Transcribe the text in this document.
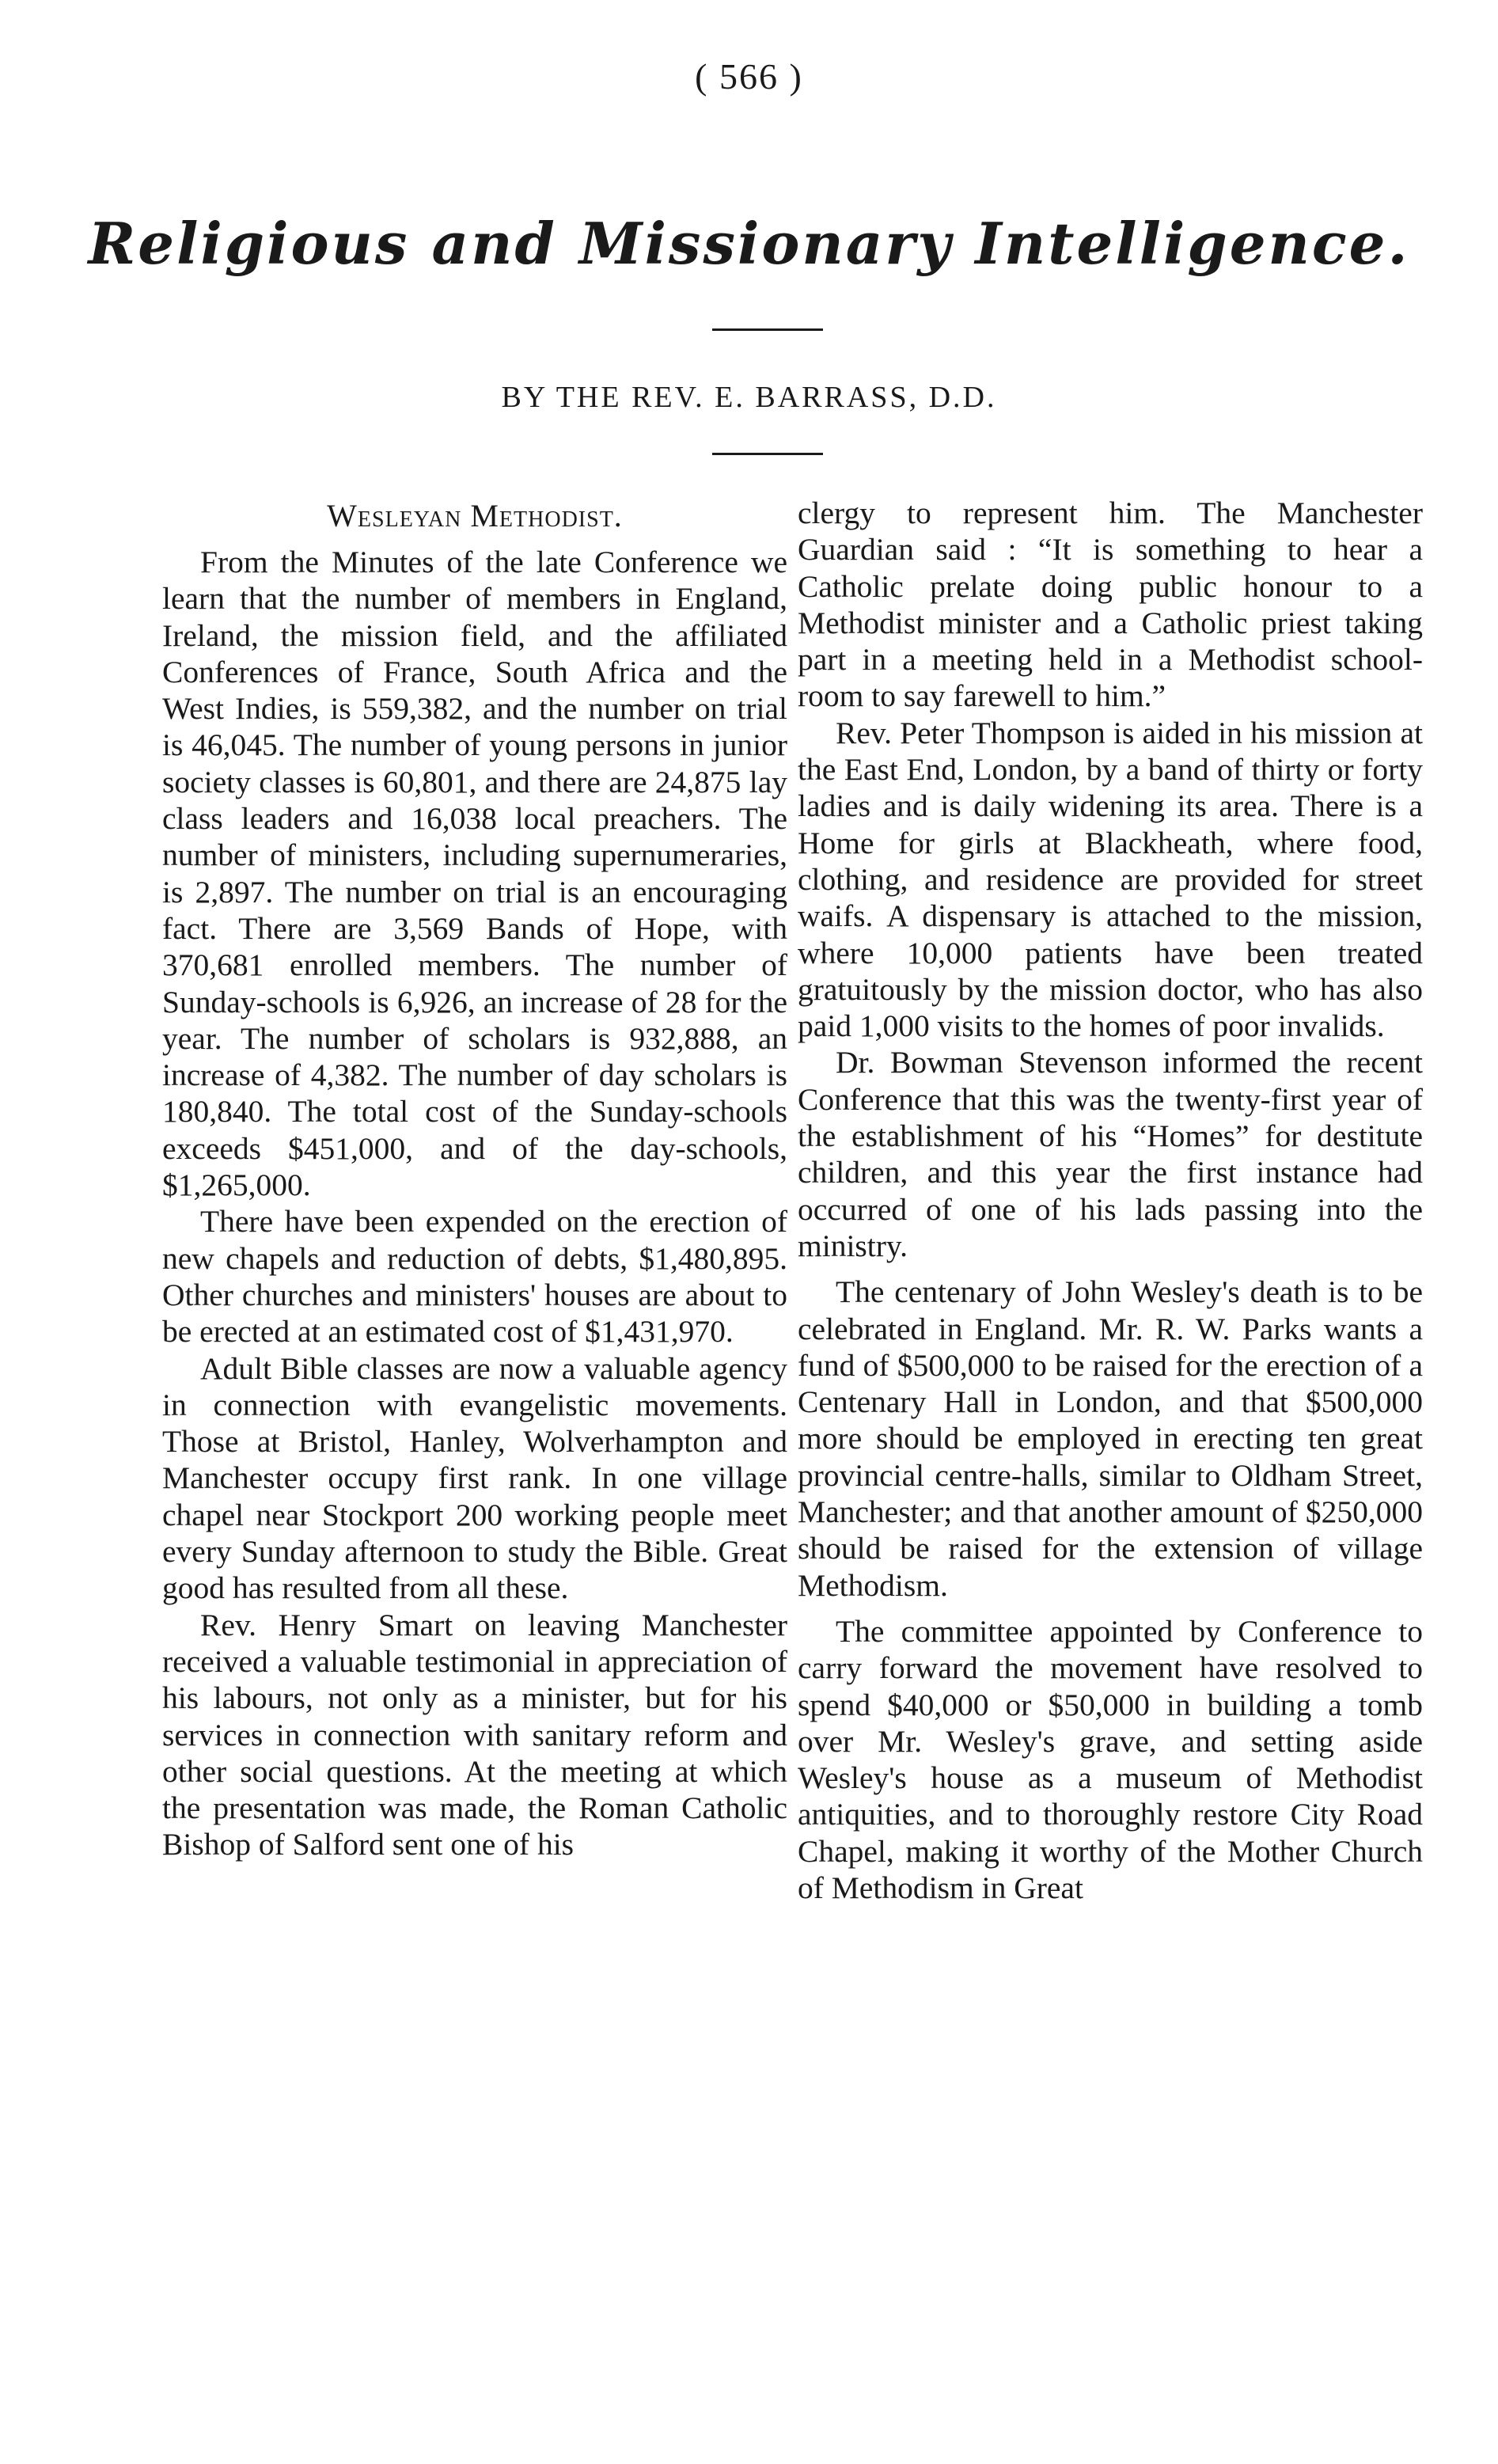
( 566 )
Religious and Missionary Intelligence.
BY THE REV. E. BARRASS, D.D.
Wesleyan Methodist.

From the Minutes of the late Conference we learn that the number of members in England, Ireland, the mission field, and the affiliated Conferences of France, South Africa and the West Indies, is 559,382, and the number on trial is 46,045. The number of young persons in junior society classes is 60,801, and there are 24,875 lay class leaders and 16,038 local preachers. The number of ministers, including supernumeraries, is 2,897. The number on trial is an encouraging fact. There are 3,569 Bands of Hope, with 370,681 enrolled members. The number of Sunday-schools is 6,926, an increase of 28 for the year. The number of scholars is 932,888, an increase of 4,382. The number of day scholars is 180,840. The total cost of the Sunday-schools exceeds $451,000, and of the day-schools, $1,265,000.

There have been expended on the erection of new chapels and reduction of debts, $1,480,895. Other churches and ministers' houses are about to be erected at an estimated cost of $1,431,970.

Adult Bible classes are now a valuable agency in connection with evangelistic movements. Those at Bristol, Hanley, Wolverhampton and Manchester occupy first rank. In one village chapel near Stockport 200 working people meet every Sunday afternoon to study the Bible. Great good has resulted from all these.

Rev. Henry Smart on leaving Manchester received a valuable testimonial in appreciation of his labours, not only as a minister, but for his services in connection with sanitary reform and other social questions. At the meeting at which the presentation was made, the Roman Catholic Bishop of Salford sent one of his

clergy to represent him. The Manchester Guardian said : “It is something to hear a Catholic prelate doing public honour to a Methodist minister and a Catholic priest taking part in a meeting held in a Methodist school-room to say farewell to him.”

Rev. Peter Thompson is aided in his mission at the East End, London, by a band of thirty or forty ladies and is daily widening its area. There is a Home for girls at Blackheath, where food, clothing, and residence are provided for street waifs. A dispensary is attached to the mission, where 10,000 patients have been treated gratuitously by the mission doctor, who has also paid 1,000 visits to the homes of poor invalids.

Dr. Bowman Stevenson informed the recent Conference that this was the twenty-first year of the establishment of his “Homes” for destitute children, and this year the first instance had occurred of one of his lads passing into the ministry.

The centenary of John Wesley's death is to be celebrated in England. Mr. R. W. Parks wants a fund of $500,000 to be raised for the erection of a Centenary Hall in London, and that $500,000 more should be employed in erecting ten great provincial centre-halls, similar to Oldham Street, Manchester; and that another amount of $250,000 should be raised for the extension of village Methodism.

The committee appointed by Conference to carry forward the movement have resolved to spend $40,000 or $50,000 in building a tomb over Mr. Wesley's grave, and setting aside Wesley's house as a museum of Methodist antiquities, and to thoroughly restore City Road Chapel, making it worthy of the Mother Church of Methodism in Great
